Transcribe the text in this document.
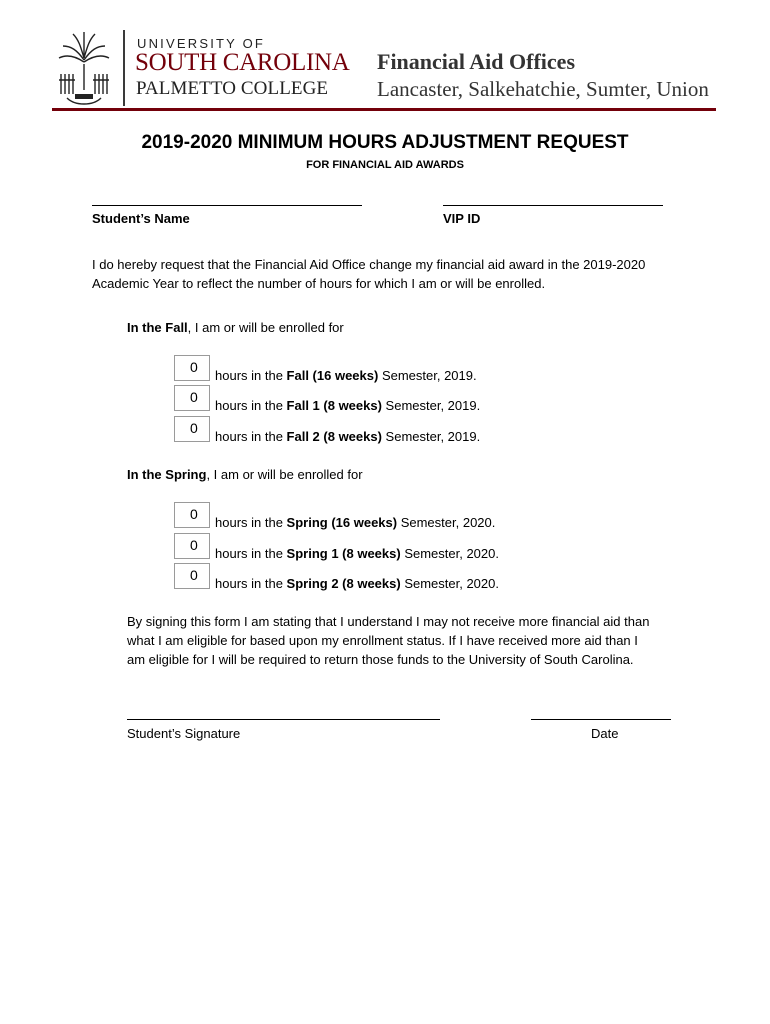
UNIVERSITY OF
SOUTH CAROLINA
PALMETTO COLLEGE
Financial Aid Offices
Lancaster, Salkehatchie, Sumter, Union
2019-2020 MINIMUM HOURS ADJUSTMENT REQUEST
FOR FINANCIAL AID AWARDS
Student’s Name	VIP ID
I do hereby request that the Financial Aid Office change my financial aid award in the 2019-2020
Academic Year to reflect the number of hours for which I am or will be enrolled.
In the Fall, I am or will be enrolled for
0
hours in the Fall (16 weeks) Semester, 2019.
0
hours in the Fall 1 (8 weeks) Semester, 2019.
0
hours in the Fall 2 (8 weeks) Semester, 2019.
In the Spring, I am or will be enrolled for
0
hours in the Spring (16 weeks) Semester, 2020.
0
hours in the Spring 1 (8 weeks) Semester, 2020.
0
hours in the Spring 2 (8 weeks) Semester, 2020.
By signing this form I am stating that I understand I may not receive more financial aid than
what I am eligible for based upon my enrollment status. If I have received more aid than I
am eligible for I will be required to return those funds to the University of South Carolina.
Student’s Signature	Date
